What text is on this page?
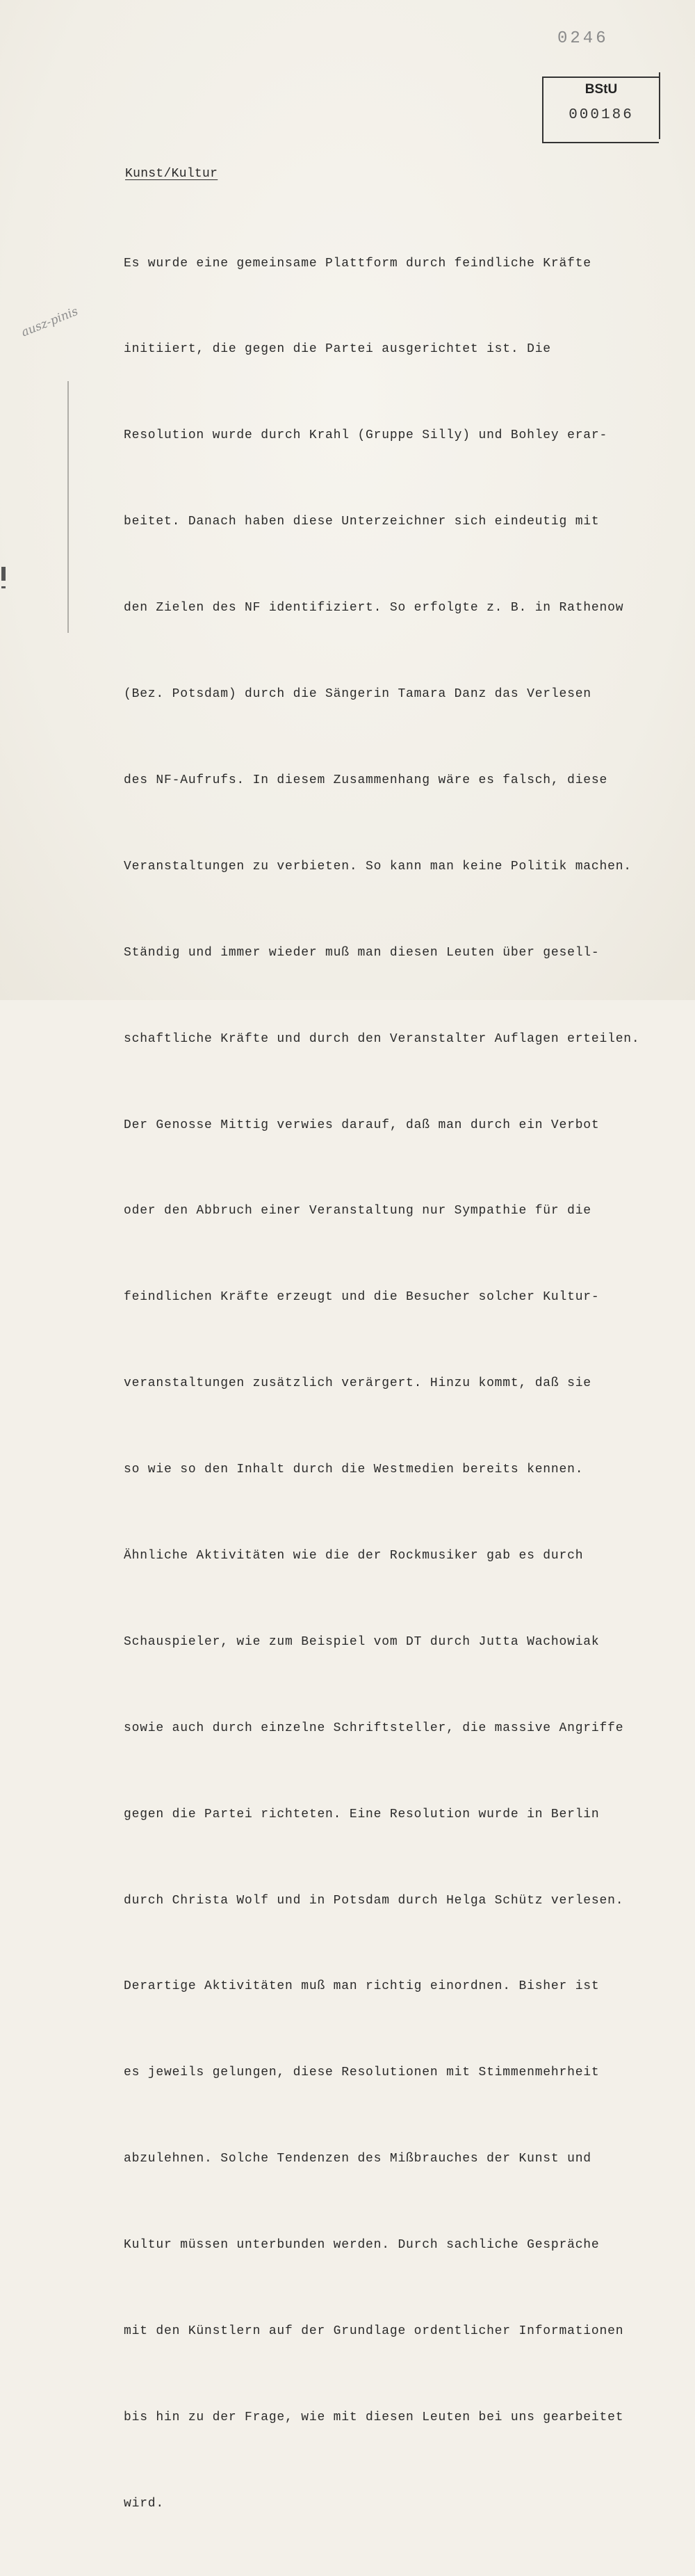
0246
BStU
000186
Kunst/Kultur

Es wurde eine gemeinsame Plattform durch feindliche Kräfte

initiiert, die gegen die Partei ausgerichtet ist. Die

Resolution wurde durch Krahl (Gruppe Silly) und Bohley erar-

beitet. Danach haben diese Unterzeichner sich eindeutig mit

den Zielen des NF identifiziert. So erfolgte z. B. in Rathenow

(Bez. Potsdam) durch die Sängerin Tamara Danz das Verlesen

des NF-Aufrufs. In diesem Zusammenhang wäre es falsch, diese

Veranstaltungen zu verbieten. So kann man keine Politik machen.

Ständig und immer wieder muß man diesen Leuten über gesell-

schaftliche Kräfte und durch den Veranstalter Auflagen erteilen.

Der Genosse Mittig verwies darauf, daß man durch ein Verbot

oder den Abbruch einer Veranstaltung nur Sympathie für die

feindlichen Kräfte erzeugt und die Besucher solcher Kultur-

veranstaltungen zusätzlich verärgert. Hinzu kommt, daß sie

so wie so den Inhalt durch die Westmedien bereits kennen.

Ähnliche Aktivitäten wie die der Rockmusiker gab es durch

Schauspieler, wie zum Beispiel vom DT durch Jutta Wachowiak

sowie auch durch einzelne Schriftsteller, die massive Angriffe

gegen die Partei richteten. Eine Resolution wurde in Berlin

durch Christa Wolf und in Potsdam durch Helga Schütz verlesen.

Derartige Aktivitäten muß man richtig einordnen. Bisher ist

es jeweils gelungen, diese Resolutionen mit Stimmenmehrheit

abzulehnen. Solche Tendenzen des Mißbrauches der Kunst und

Kultur müssen unterbunden werden. Durch sachliche Gespräche

mit den Künstlern auf der Grundlage ordentlicher Informationen

bis hin zu der Frage, wie mit diesen Leuten bei uns gearbeitet

wird.

ausz-pinis
